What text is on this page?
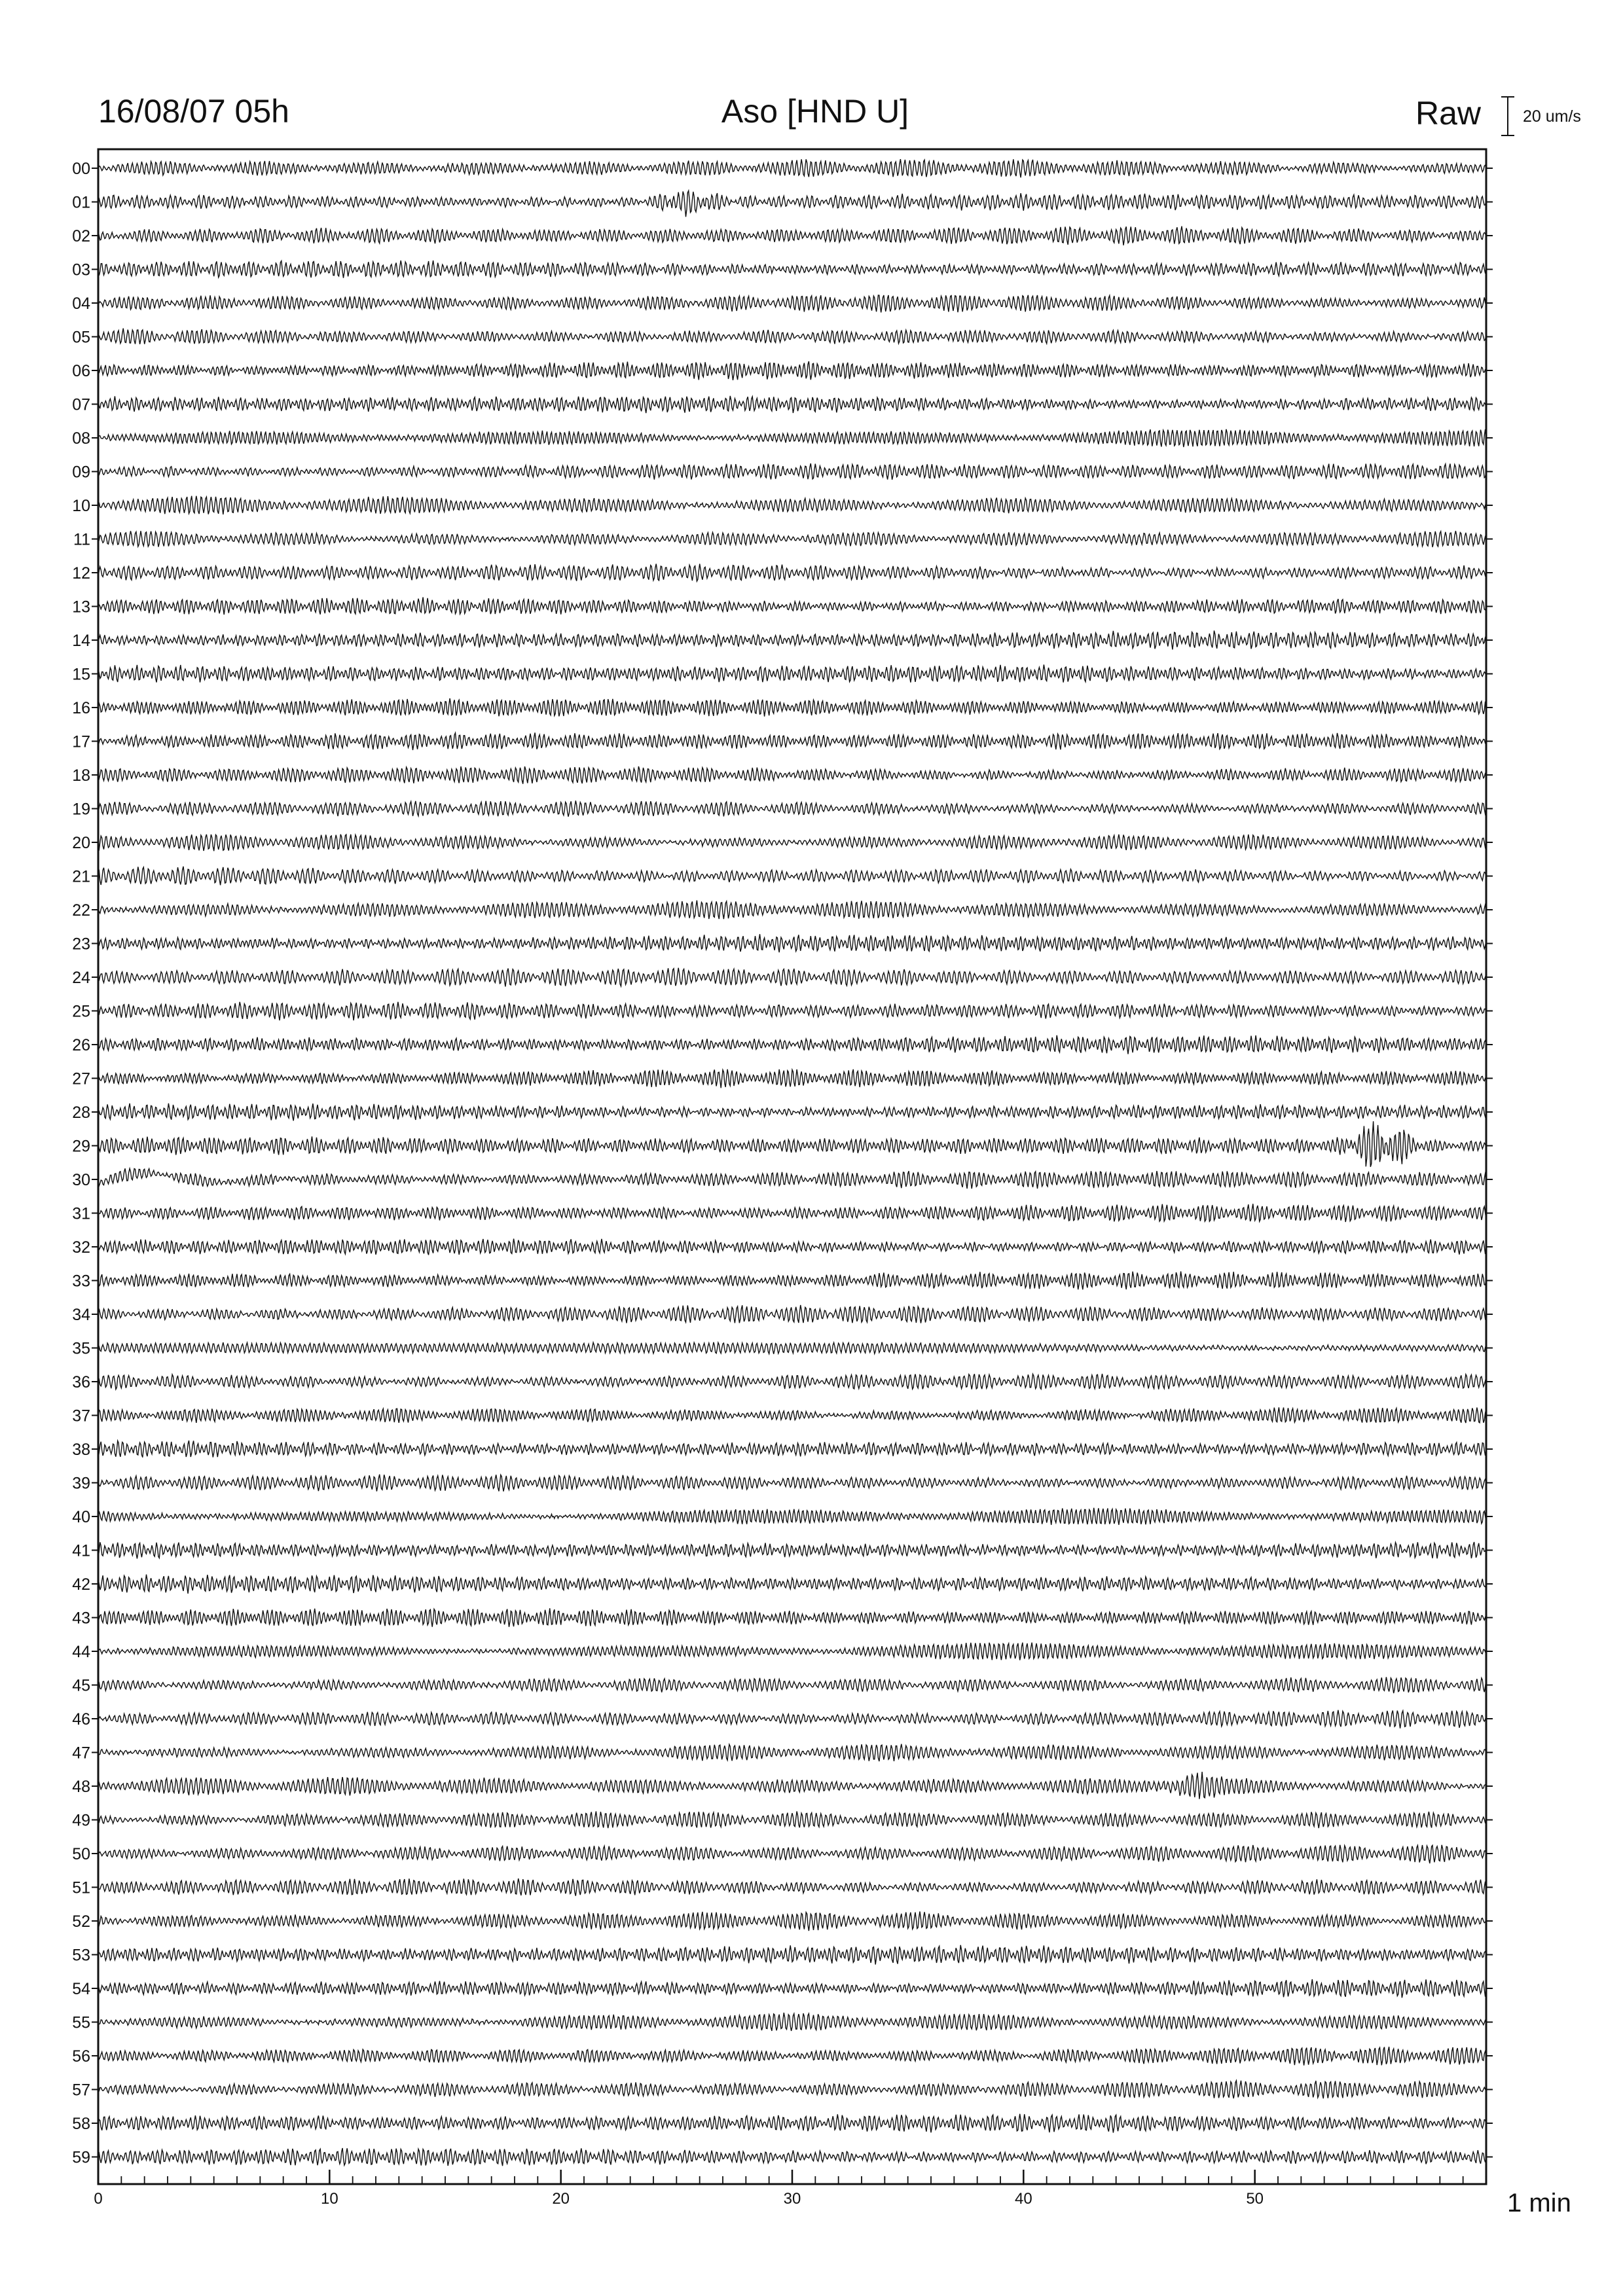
16/08/07 05h	Aso [HND U]	Raw	20 um/s
00
01
02
03
04
05
06
07
08
09
10
11
12
13
14
15
16
17
18
19
20
21
22
23
24
25
26
27
28
29
30
31
32
33
34
35
36
37
38
39
40
41
42
43
44
45
46
47
48
49
50
51
52
53
54
55
56
57
58
59
0	10	20	30	40	50	1 min
